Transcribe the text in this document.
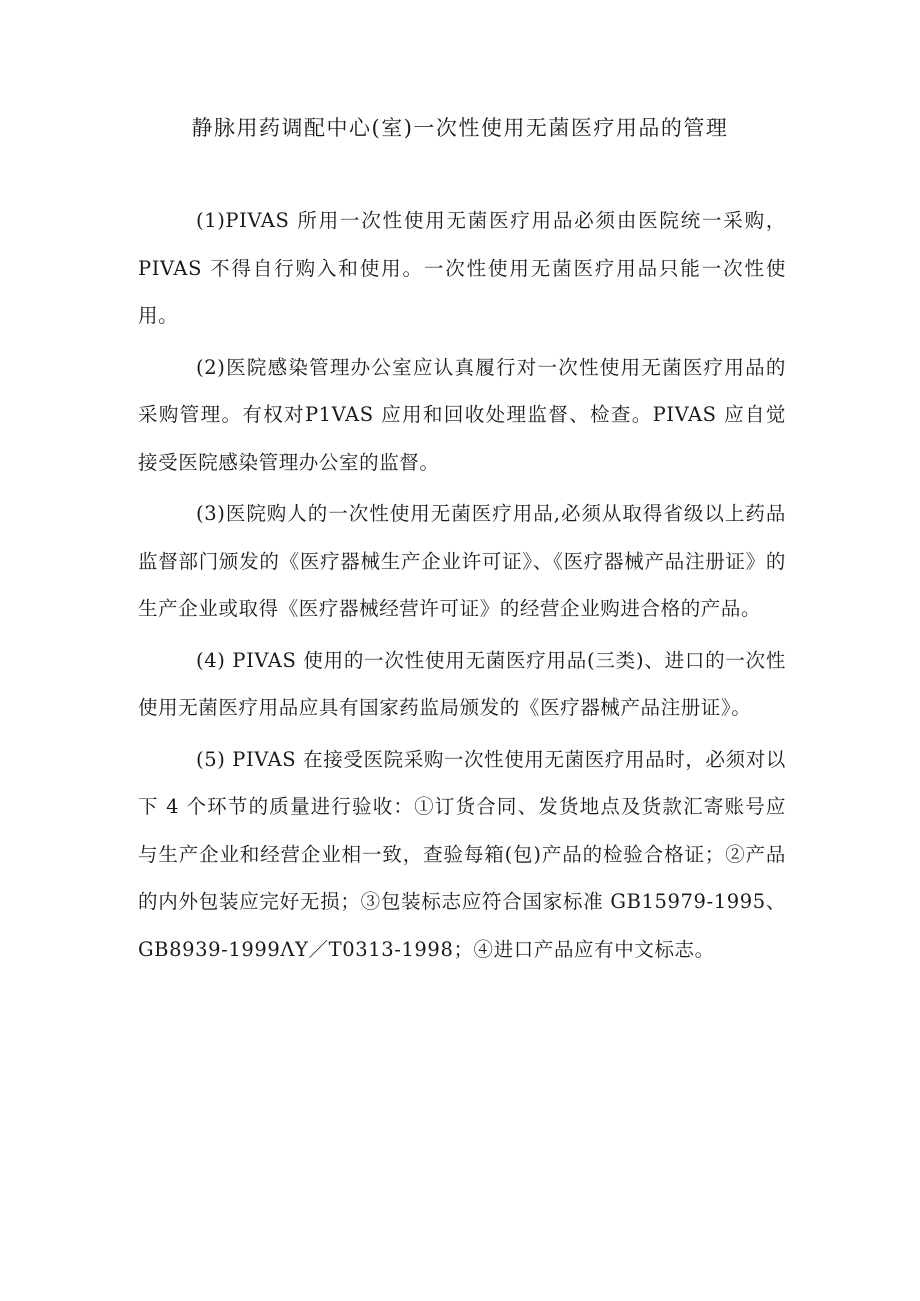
静脉用药调配中心(室)一次性使用无菌医疗用品的管理

(1)PIVAS 所用一次性使用无菌医疗用品必须由医院统一采购，PIVAS 不得自行购入和使用。一次性使用无菌医疗用品只能一次性使用。

(2)医院感染管理办公室应认真履行对一次性使用无菌医疗用品的采购管理。有权对P1VAS 应用和回收处理监督、检查。PIVAS 应自觉接受医院感染管理办公室的监督。

(3)医院购人的一次性使用无菌医疗用品,必须从取得省级以上药品监督部门颁发的《医疗器械生产企业许可证》、《医疗器械产品注册证》的生产企业或取得《医疗器械经营许可证》的经营企业购进合格的产品。

(4) PIVAS 使用的一次性使用无菌医疗用品(三类)、进口的一次性使用无菌医疗用品应具有国家药监局颁发的《医疗器械产品注册证》。

(5) PIVAS 在接受医院采购一次性使用无菌医疗用品时，必须对以下 4 个环节的质量进行验收：①订货合同、发货地点及货款汇寄账号应与生产企业和经营企业相一致，查验每箱(包)产品的检验合格证；②产品的内外包装应完好无损；③包装标志应符合国家标准 GB15979-1995、GB8939-1999ΛY／T0313-1998；④进口产品应有中文标志。
